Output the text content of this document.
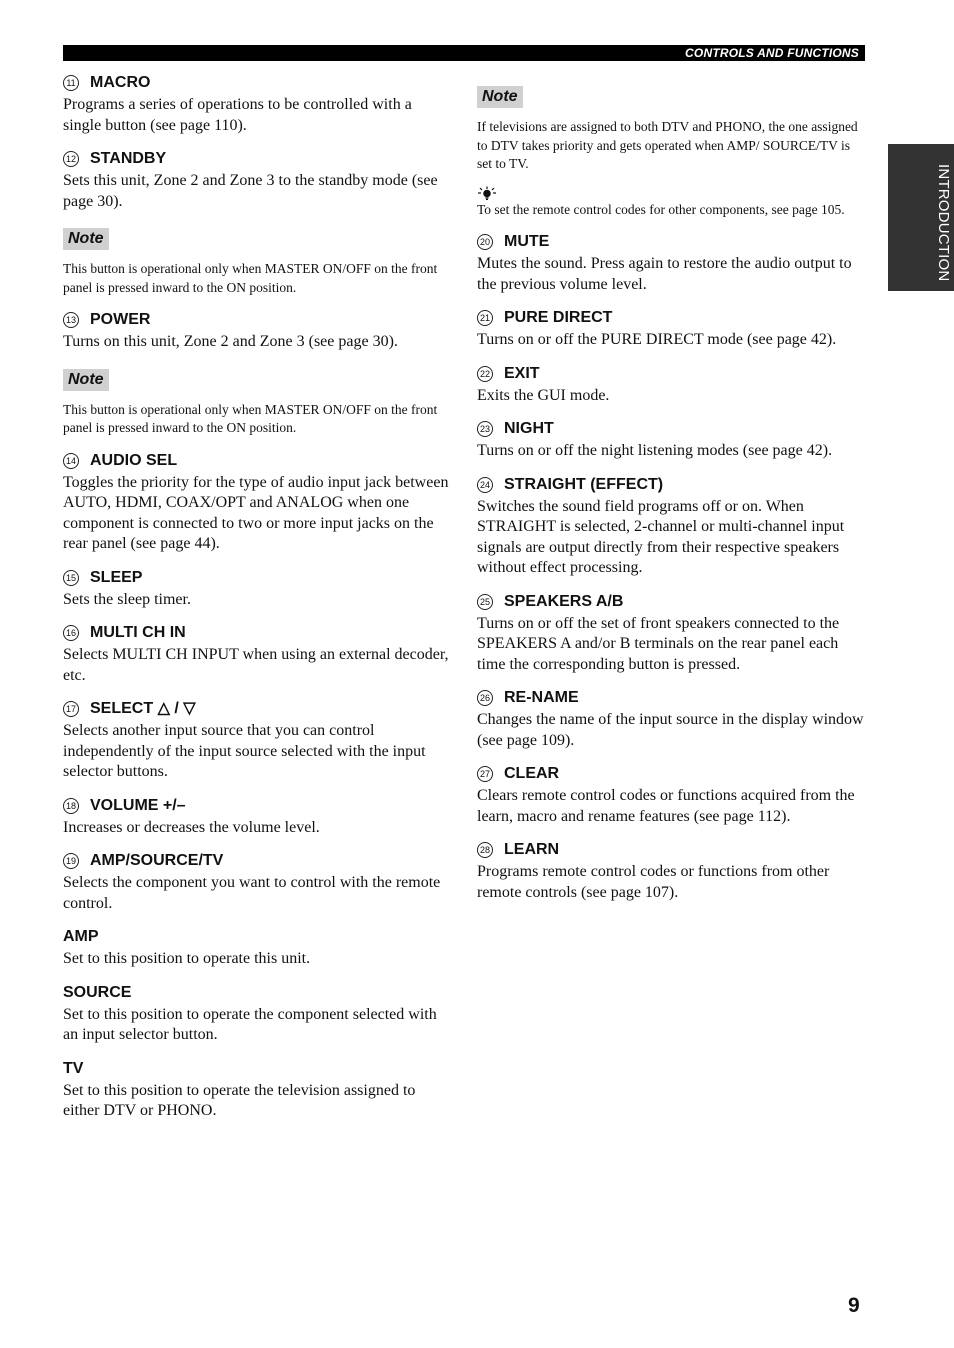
CONTROLS AND FUNCTIONS
INTRODUCTION
11 MACRO

Programs a series of operations to be controlled with a single button (see page 110).

12 STANDBY

Sets this unit, Zone 2 and Zone 3 to the standby mode (see page 30).

Note

This button is operational only when MASTER ON/OFF on the front panel is pressed inward to the ON position.

13 POWER

Turns on this unit, Zone 2 and Zone 3 (see page 30).

Note

This button is operational only when MASTER ON/OFF on the front panel is pressed inward to the ON position.

14 AUDIO SEL

Toggles the priority for the type of audio input jack between AUTO, HDMI, COAX/OPT and ANALOG when one component is connected to two or more input jacks on the rear panel (see page 44).

15 SLEEP

Sets the sleep timer.

16 MULTI CH IN

Selects MULTI CH INPUT when using an external decoder, etc.

17 SELECT △ / ▽

Selects another input source that you can control independently of the input source selected with the input selector buttons.

18 VOLUME +/–

Increases or decreases the volume level.

19 AMP/SOURCE/TV

Selects the component you want to control with the remote control.

AMP

Set to this position to operate this unit.

SOURCE

Set to this position to operate the component selected with an input selector button.

TV

Set to this position to operate the television assigned to either DTV or PHONO.

Note

If televisions are assigned to both DTV and PHONO, the one assigned to DTV takes priority and gets operated when AMP/ SOURCE/TV is set to TV.

To set the remote control codes for other components, see page 105.

20 MUTE

Mutes the sound. Press again to restore the audio output to the previous volume level.

21 PURE DIRECT

Turns on or off the PURE DIRECT mode (see page 42).

22 EXIT

Exits the GUI mode.

23 NIGHT

Turns on or off the night listening modes (see page 42).

24 STRAIGHT (EFFECT)

Switches the sound field programs off or on. When STRAIGHT is selected, 2-channel or multi-channel input signals are output directly from their respective speakers without effect processing.

25 SPEAKERS A/B

Turns on or off the set of front speakers connected to the SPEAKERS A and/or B terminals on the rear panel each time the corresponding button is pressed.

26 RE-NAME

Changes the name of the input source in the display window (see page 109).

27 CLEAR

Clears remote control codes or functions acquired from the learn, macro and rename features (see page 112).

28 LEARN

Programs remote control codes or functions from other remote controls (see page 107).

9
